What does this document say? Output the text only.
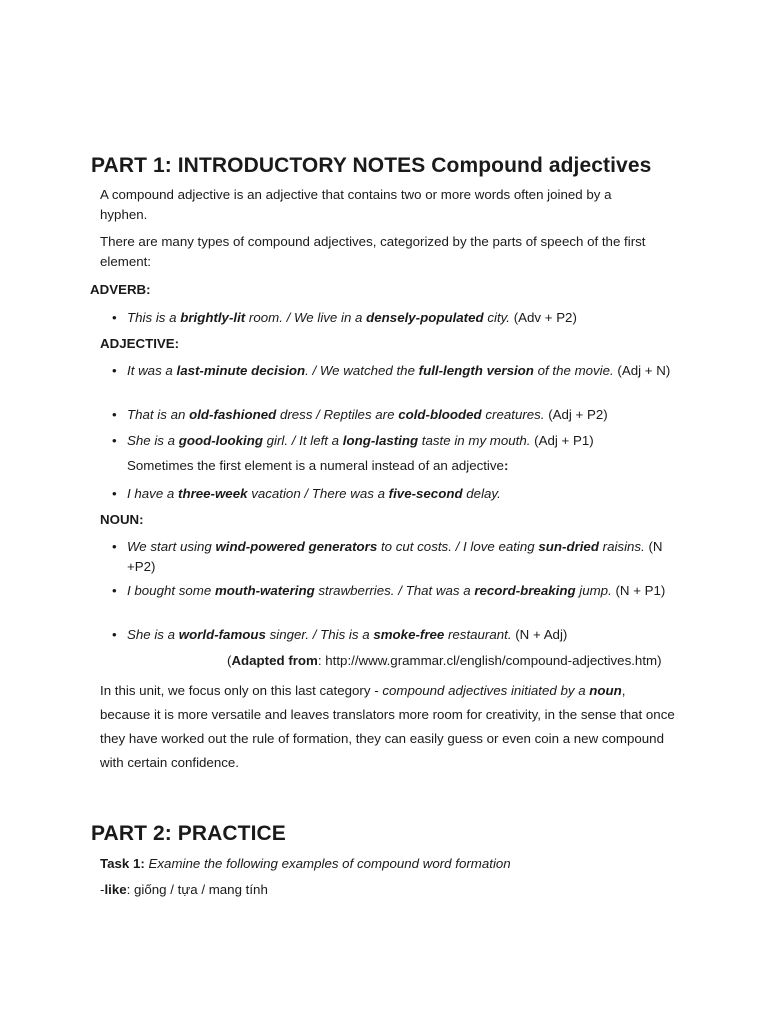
PART 1: INTRODUCTORY NOTES Compound adjectives
A compound adjective is an adjective that contains two or more words often joined by a hyphen.
There are many types of compound adjectives, categorized by the parts of speech of the first element:
ADVERB:
• This is a brightly-lit room. / We live in a densely-populated city. (Adv + P2)
ADJECTIVE:
• It was a last-minute decision. / We watched the full-length version of the movie. (Adj + N)
• That is an old-fashioned dress / Reptiles are cold-blooded creatures. (Adj + P2)
• She is a good-looking girl. / It left a long-lasting taste in my mouth. (Adj + P1)
Sometimes the first element is a numeral instead of an adjective:
• I have a three-week vacation / There was a five-second delay.
NOUN:
• We start using wind-powered generators to cut costs. / I love eating sun-dried raisins. (N +P2)
• I bought some mouth-watering strawberries. / That was a record-breaking jump. (N + P1)
• She is a world-famous singer. / This is a smoke-free restaurant. (N + Adj)
(Adapted from: http://www.grammar.cl/english/compound-adjectives.htm)
In this unit, we focus only on this last category - compound adjectives initiated by a noun, because it is more versatile and leaves translators more room for creativity, in the sense that once they have worked out the rule of formation, they can easily guess or even coin a new compound with certain confidence.
PART 2: PRACTICE
Task 1: Examine the following examples of compound word formation
-like: giống / tựa / mang tính
